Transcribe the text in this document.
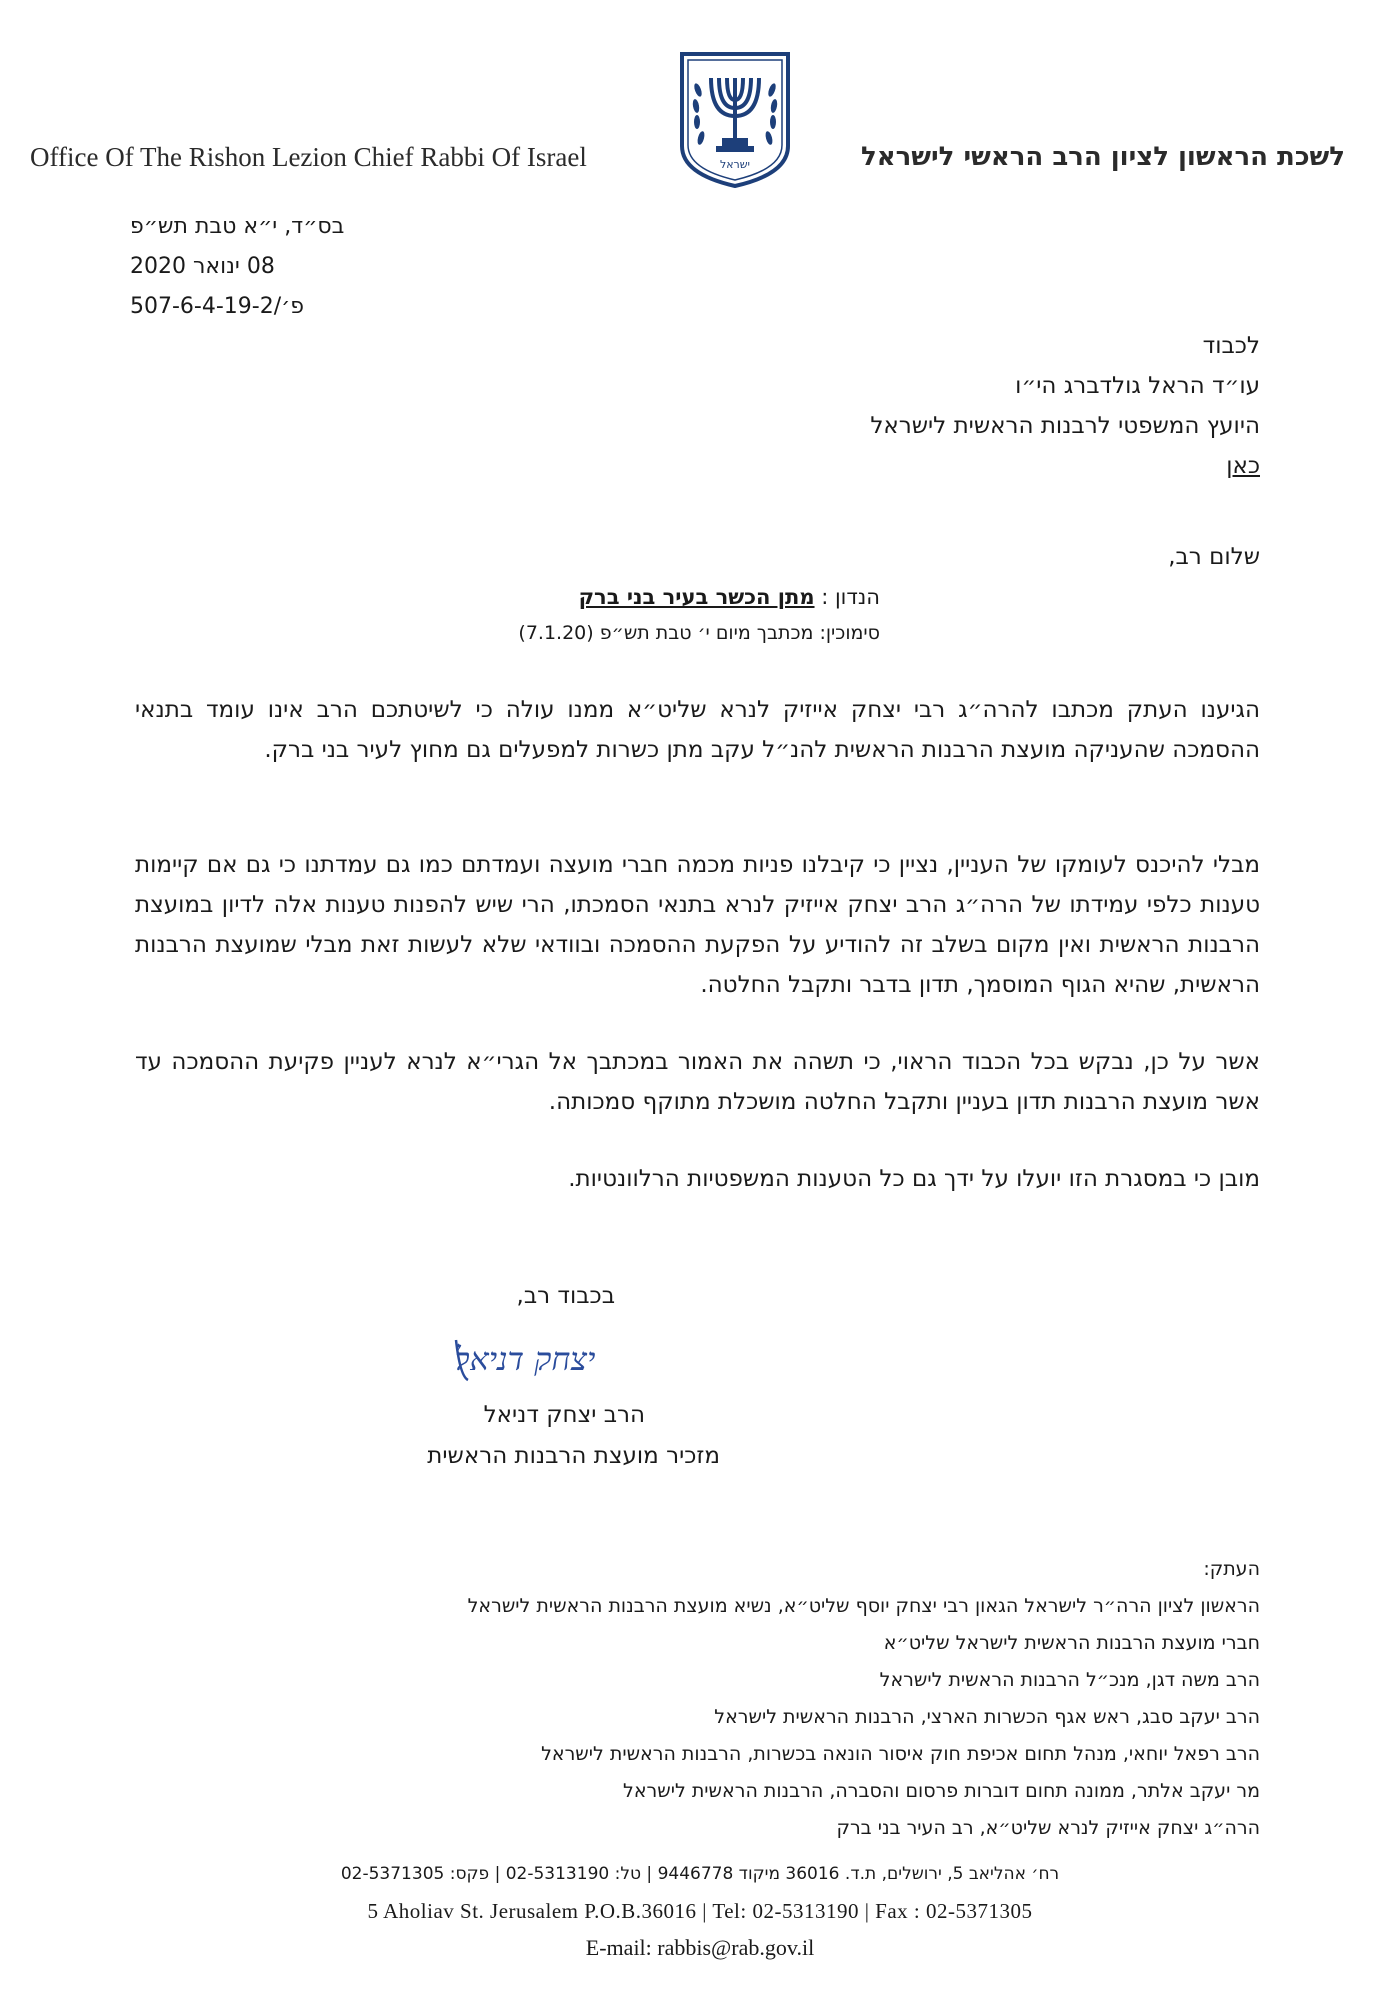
Office Of The Rishon Lezion Chief Rabbi Of Israel	ישראל	לשכת הראשון לציון הרב הראשי לישראל
בס״ד, י״א טבת תש״פ
08 ינואר 2020
פ׳/507-6-4-19-2
לכבוד
עו״ד הראל גולדברג הי״ו
היועץ המשפטי לרבנות הראשית לישראל
כאן
שלום רב,
הנדון : מתן הכשר בעיר בני ברק
סימוכין: מכתבך מיום י׳ טבת תש״פ (7.1.20)
הגיענו העתק מכתבו להרה״ג רבי יצחק אייזיק לנרא שליט״א ממנו עולה כי לשיטתכם הרב אינו עומד בתנאי ההסמכה שהעניקה מועצת הרבנות הראשית להנ״ל עקב מתן כשרות למפעלים גם מחוץ לעיר בני ברק.
מבלי להיכנס לעומקו של העניין, נציין כי קיבלנו פניות מכמה חברי מועצה ועמדתם כמו גם עמדתנו כי גם אם קיימות טענות כלפי עמידתו של הרה״ג הרב יצחק אייזיק לנרא בתנאי הסמכתו, הרי שיש להפנות טענות אלה לדיון במועצת הרבנות הראשית ואין מקום בשלב זה להודיע על הפקעת ההסמכה ובוודאי שלא לעשות זאת מבלי שמועצת הרבנות הראשית, שהיא הגוף המוסמך, תדון בדבר ותקבל החלטה.
אשר על כן, נבקש בכל הכבוד הראוי, כי תשהה את האמור במכתבך אל הגרי״א לנרא לעניין פקיעת ההסמכה עד אשר מועצת הרבנות תדון בעניין ותקבל החלטה מושכלת מתוקף סמכותה.
מובן כי במסגרת הזו יועלו על ידך גם כל הטענות המשפטיות הרלוונטיות.
בכבוד רב,
יצחק דניאל
הרב יצחק דניאל
מזכיר מועצת הרבנות הראשית
העתק:
הראשון לציון הרה״ר לישראל הגאון רבי יצחק יוסף שליט״א, נשיא מועצת הרבנות הראשית לישראל
חברי מועצת הרבנות הראשית לישראל שליט״א
הרב משה דגן, מנכ״ל הרבנות הראשית לישראל
הרב יעקב סבג, ראש אגף הכשרות הארצי, הרבנות הראשית לישראל
הרב רפאל יוחאי, מנהל תחום אכיפת חוק איסור הונאה בכשרות, הרבנות הראשית לישראל
מר יעקב אלתר, ממונה תחום דוברות פרסום והסברה, הרבנות הראשית לישראל
הרה״ג יצחק אייזיק לנרא שליט״א, רב העיר בני ברק
רח׳ אהליאב 5, ירושלים, ת.ד. 36016 מיקוד 9446778 | טל: 02-5313190 | פקס: 02-5371305
5 Aholiav St. Jerusalem P.O.B.36016 | Tel: 02-5313190 | Fax : 02-5371305
E-mail: rabbis@rab.gov.il
